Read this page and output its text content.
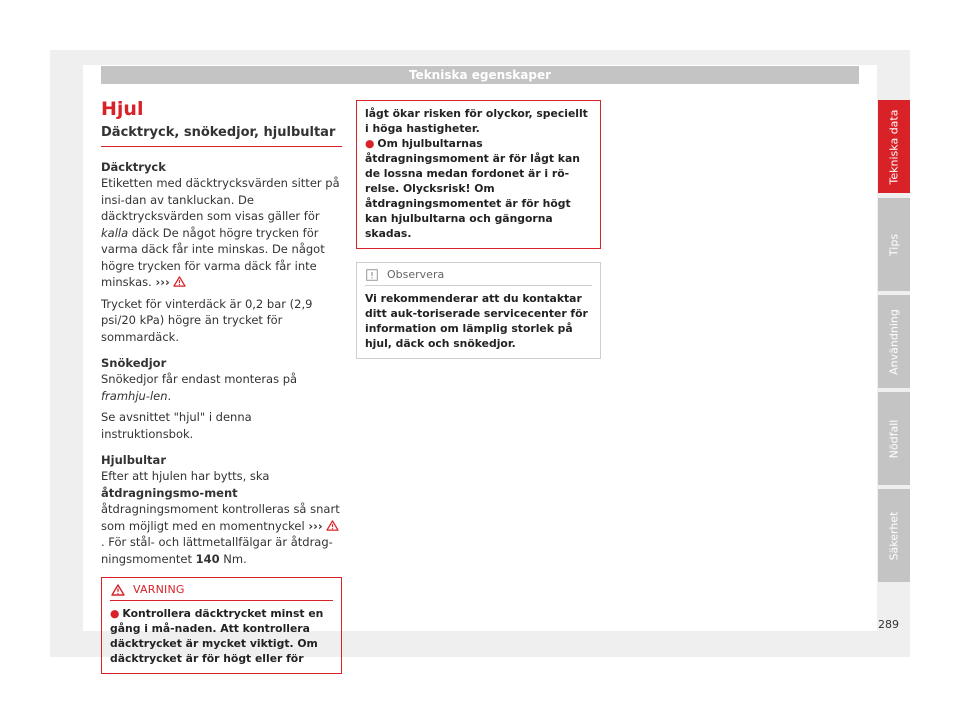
Tekniska egenskaper
Hjul
Däcktryck, snökedjor, hjulbultar
Däcktryck
Etiketten med däcktrycksvärden sitter på insi-dan av tankluckan. De däcktrycksvärden som visas gäller för kalla däck De något högre trycken för varma däck får inte minskas. De något högre trycken för varma däck får inte minskas. ›››
Trycket för vinterdäck är 0,2 bar (2,9 psi/20 kPa) högre än trycket för sommardäck.
Snökedjor
Snökedjor får endast monteras på framhju-len.
Se avsnittet "hjul" i denna instruktionsbok.
Hjulbultar
Efter att hjulen har bytts, ska åtdragningsmo-ment åtdragningsmoment kontrolleras så snart som möjligt med en momentnyckel ››› . För stål- och lättmetallfälgar är åtdrag-ningsmomentet 140 Nm.
VARNING
● Kontrollera däcktrycket minst en gång i må-naden. Att kontrollera däcktrycket är mycket viktigt. Om däcktrycket är för högt eller för
lågt ökar risken för olyckor, speciellt i höga hastigheter.
● Om hjulbultarnas åtdragningsmoment är för lågt kan de lossna medan fordonet är i rö-relse. Olycksrisk! Om åtdragningsmomentet är för högt kan hjulbultarna och gängorna skadas.
Observera
Vi rekommenderar att du kontaktar ditt auk-toriserade servicecenter för information om lämplig storlek på hjul, däck och snökedjor.
Tekniska data
Tips
Användning
Nödfall
Säkerhet
289
